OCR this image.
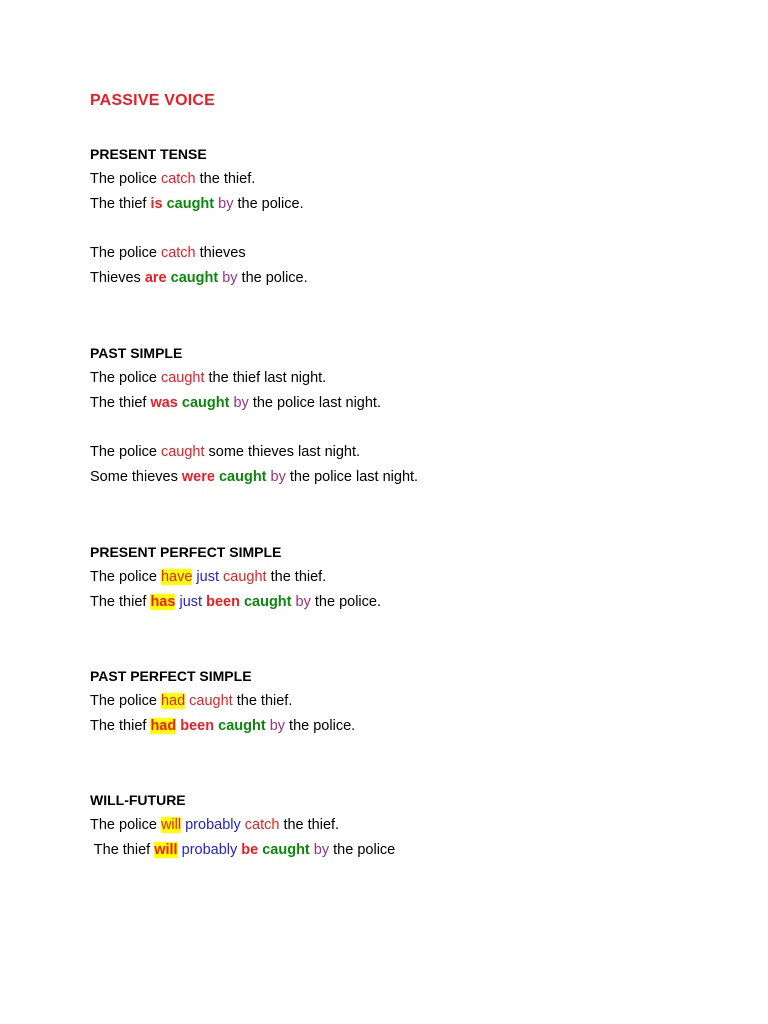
PASSIVE VOICE
PRESENT TENSE
The police catch the thief.
The thief is caught by the police.
The police catch thieves
Thieves are caught by the police.
PAST SIMPLE
The police caught the thief last night.
The thief was caught by the police last night.
The police caught some thieves last night.
Some thieves were caught by the police last night.
PRESENT PERFECT SIMPLE
The police have just caught the thief.
The thief has just been caught by the police.
PAST PERFECT SIMPLE
The police had caught the thief.
The thief had been caught by the police.
WILL-FUTURE
The police will probably catch the thief.
The thief will probably be caught by the police
